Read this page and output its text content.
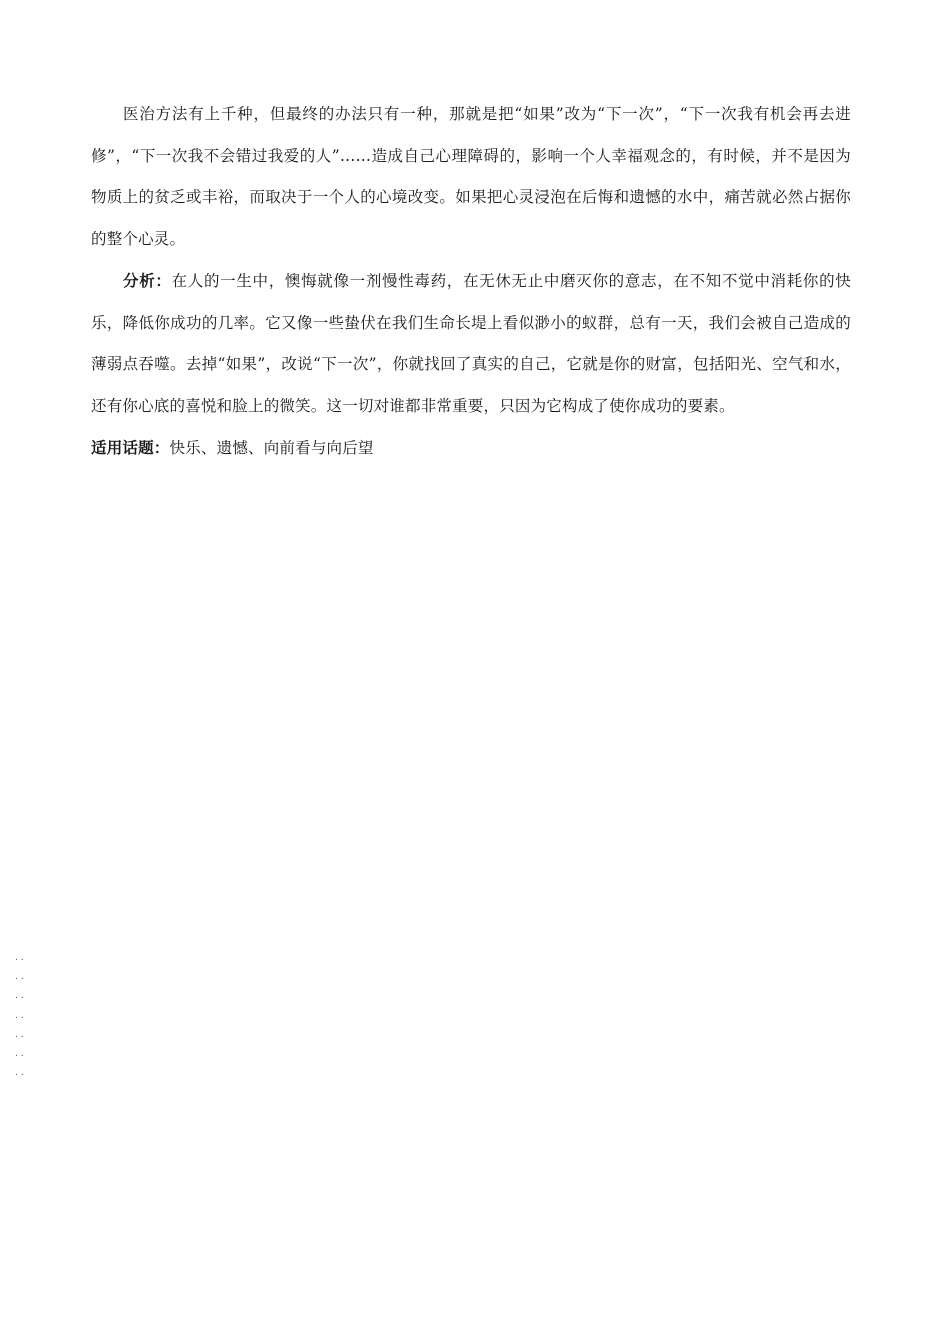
医治方法有上千种，但最终的办法只有一种，那就是把“如果”改为“下一次”，“下一次我有机会再去进修”，“下一次我不会错过我爱的人”……造成自己心理障碍的，影响一个人幸福观念的，有时候，并不是因为物质上的贫乏或丰裕，而取决于一个人的心境改变。如果把心灵浸泡在后悔和遗憾的水中，痛苦就必然占据你的整个心灵。

分析：在人的一生中，懊悔就像一剂慢性毒药，在无休无止中磨灭你的意志，在不知不觉中消耗你的快乐，降低你成功的几率。它又像一些蛰伏在我们生命长堤上看似渺小的蚁群，总有一天，我们会被自己造成的薄弱点吞噬。去掉“如果”，改说“下一次”，你就找回了真实的自己，它就是你的财富，包括阳光、空气和水，还有你心底的喜悦和脸上的微笑。这一切对谁都非常重要，只因为它构成了使你成功的要素。

适用话题：快乐、遗憾、向前看与向后望

..
..
..
..
..
..
..
